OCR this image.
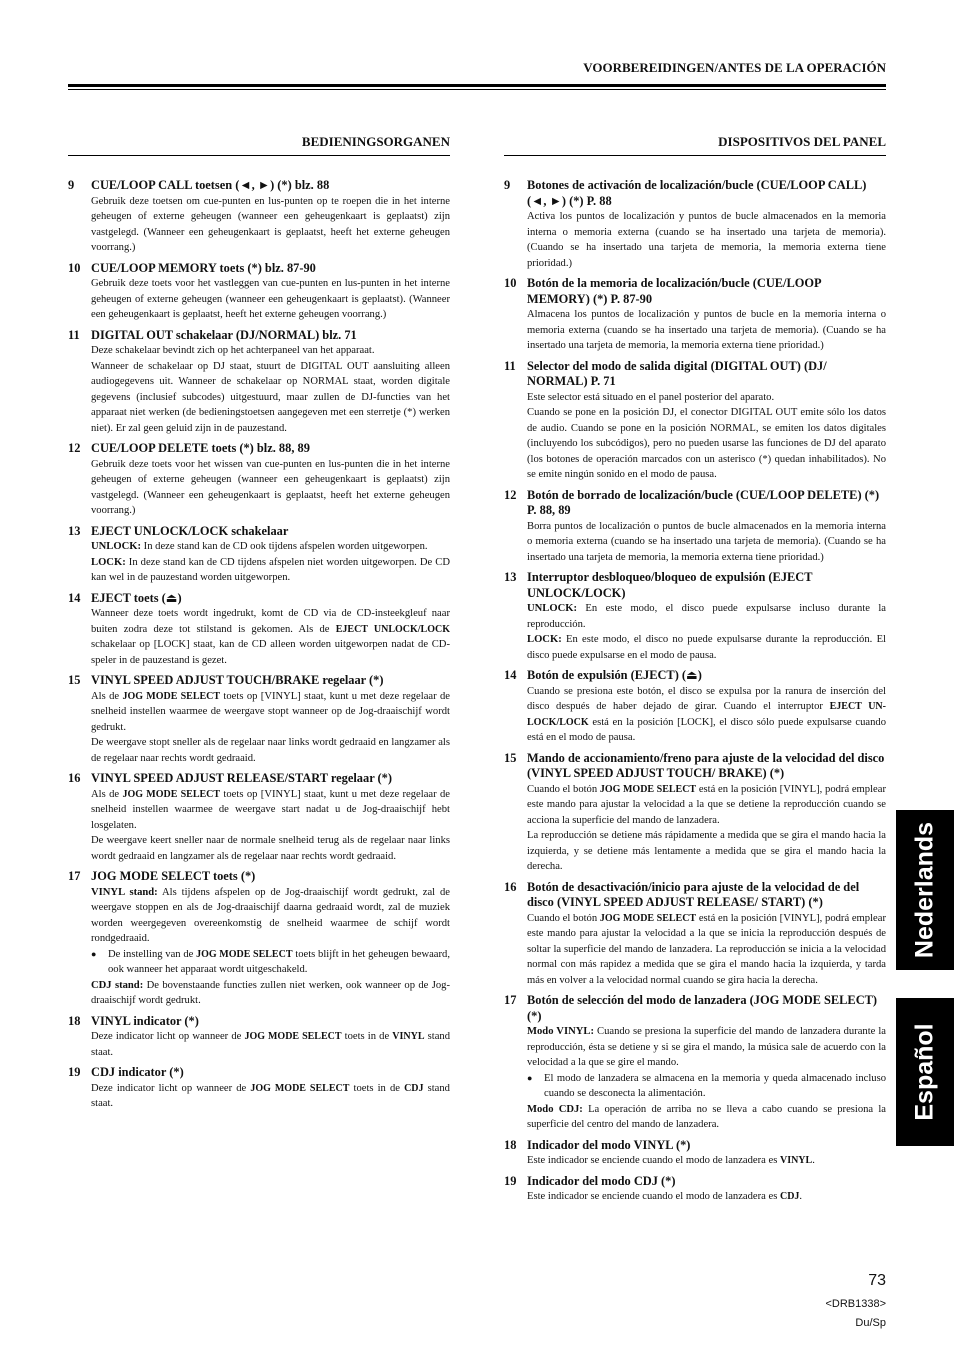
VOORBEREIDINGEN/ANTES DE LA OPERACIÓN
BEDIENINGSORGANEN
9	CUE/LOOP CALL toetsen (◄, ►) (*) blz. 88

Gebruik deze toetsen om cue-punten en lus-punten op te roepen die in het interne geheugen of externe geheugen (wanneer een geheugenkaart is geplaatst) zijn vastgelegd. (Wanneer een geheugenkaart is geplaatst, heeft het externe geheugen voorrang.)

10 CUE/LOOP MEMORY toets (*) blz. 87-90

Gebruik deze toets voor het vastleggen van cue-punten en lus-punten in het interne geheugen of externe geheugen (wanneer een geheugenkaart is geplaatst). (Wanneer een geheugenkaart is geplaatst, heeft het externe geheugen voorrang.)

11 DIGITAL OUT schakelaar (DJ/NORMAL) blz. 71

Deze schakelaar bevindt zich op het achterpaneel van het apparaat.

Wanneer de schakelaar op DJ staat, stuurt de DIGITAL OUT aansluiting alleen audiogegevens uit. Wanneer de schakelaar op NORMAL staat, worden digitale gegevens (inclusief subcodes) uitgestuurd, maar zullen de DJ-functies van het apparaat niet werken (de bedieningstoetsen aangegeven met een sterretje (*) werken niet). Er zal geen geluid zijn in de pauzestand.

12 CUE/LOOP DELETE toets (*) blz. 88, 89

Gebruik deze toets voor het wissen van cue-punten en lus-punten die in het interne geheugen of externe geheugen (wanneer een geheugenkaart is geplaatst) zijn vastgelegd. (Wanneer een geheugenkaart is geplaatst, heeft het externe geheugen voorrang.)

13 EJECT UNLOCK/LOCK schakelaar

UNLOCK: In deze stand kan de CD ook tijdens afspelen worden uitgeworpen.

LOCK: In deze stand kan de CD tijdens afspelen niet worden uitgeworpen. De CD kan wel in de pauzestand worden uitgeworpen.

14 EJECT toets (⏏)

Wanneer deze toets wordt ingedrukt, komt de CD via de CD-insteekgleuf naar buiten zodra deze tot stilstand is gekomen. Als de EJECT UNLOCK/LOCK schakelaar op [LOCK] staat, kan de CD alleen worden uitgeworpen nadat de CD-speler in de pauzestand is gezet.

15 VINYL SPEED ADJUST TOUCH/BRAKE regelaar (*)

Als de JOG MODE SELECT toets op [VINYL] staat, kunt u met deze regelaar de snelheid instellen waarmee de weergave stopt wanneer op de Jog-draaischijf wordt gedrukt.

De weergave stopt sneller als de regelaar naar links wordt gedraaid en langzamer als de regelaar naar rechts wordt gedraaid.

16 VINYL SPEED ADJUST RELEASE/START regelaar (*)

Als de JOG MODE SELECT toets op [VINYL] staat, kunt u met deze regelaar de snelheid instellen waarmee de weergave start nadat u de Jog-draaischijf hebt losgelaten.

De weergave keert sneller naar de normale snelheid terug als de regelaar naar links wordt gedraaid en langzamer als de regelaar naar rechts wordt gedraaid.

17 JOG MODE SELECT toets (*)

VINYL stand: Als tijdens afspelen op de Jog-draaischijf wordt gedrukt, zal de weergave stoppen en als de Jog-draaischijf daarna gedraaid wordt, zal de muziek worden weergegeven overeenkomstig de snelheid waarmee de schijf wordt rondgedraaid.

●	De instelling van de JOG MODE SELECT toets blijft in het geheugen bewaard, ook wanneer het apparaat wordt uitgeschakeld.

CDJ stand: De bovenstaande functies zullen niet werken, ook wanneer op de Jog-draaischijf wordt gedrukt.

18 VINYL indicator (*)

Deze indicator licht op wanneer de JOG MODE SELECT toets in de VINYL stand staat.

19 CDJ indicator (*)

Deze indicator licht op wanneer de JOG MODE SELECT toets in de CDJ stand staat.

DISPOSITIVOS DEL PANEL
9	Botones de activación de localización/bucle (CUE/LOOP CALL) (◄, ►) (*) P. 88

Activa los puntos de localización y puntos de bucle almacenados en la memoria interna o memoria externa (cuando se ha insertado una tarjeta de memoria). (Cuando se ha insertado una tarjeta de memoria, la memoria externa tiene prioridad.)

10 Botón de la memoria de localización/bucle (CUE/LOOP MEMORY) (*) P. 87-90

Almacena los puntos de localización y puntos de bucle en la memoria interna o memoria externa (cuando se ha insertado una tarjeta de memoria). (Cuando se ha insertado una tarjeta de memoria, la memoria externa tiene prioridad.)

11 Selector del modo de salida digital (DIGITAL OUT) (DJ/ NORMAL) P. 71

Este selector está situado en el panel posterior del aparato.

Cuando se pone en la posición DJ, el conector DIGITAL OUT emite sólo los datos de audio. Cuando se pone en la posición NORMAL, se emiten los datos digitales (incluyendo los subcódigos), pero no pueden usarse las funciones de DJ del aparato (los botones de operación marcados con un asterisco (*) quedan inhabilitados). No se emite ningún sonido en el modo de pausa.

12 Botón de borrado de localización/bucle (CUE/LOOP DELETE) (*) P. 88, 89

Borra puntos de localización o puntos de bucle almacenados en la memoria interna o memoria externa (cuando se ha insertado una tarjeta de memoria). (Cuando se ha insertado una tarjeta de memoria, la memoria externa tiene prioridad.)

13 Interruptor desbloqueo/bloqueo de expulsión (EJECT UNLOCK/LOCK)

UNLOCK: En este modo, el disco puede expulsarse incluso durante la reproducción.

LOCK: En este modo, el disco no puede expulsarse durante la reproducción. El disco puede expulsarse en el modo de pausa.

14 Botón de expulsión (EJECT) (⏏)

Cuando se presiona este botón, el disco se expulsa por la ranura de inserción del disco después de haber dejado de girar. Cuando el interruptor EJECT UN-LOCK/LOCK está en la posición [LOCK], el disco sólo puede expulsarse cuando está en el modo de pausa.

15 Mando de accionamiento/freno para ajuste de la velocidad del disco (VINYL SPEED ADJUST TOUCH/ BRAKE) (*)

Cuando el botón JOG MODE SELECT está en la posición [VINYL], podrá emplear este mando para ajustar la velocidad a la que se detiene la reproducción cuando se acciona la superficie del mando de lanzadera.

La reproducción se detiene más rápidamente a medida que se gira el mando hacia la izquierda, y se detiene más lentamente a medida que se gira el mando hacia la derecha.

16 Botón de desactivación/inicio para ajuste de la velocidad de del disco (VINYL SPEED ADJUST RELEASE/ START) (*)

Cuando el botón JOG MODE SELECT está en la posición [VINYL], podrá emplear este mando para ajustar la velocidad a la que se inicia la reproducción después de soltar la superficie del mando de lanzadera. La reproducción se inicia a la velocidad normal con más rapidez a medida que se gira el mando hacia la izquierda, y tarda más en volver a la velocidad normal cuando se gira hacia la derecha.

17 Botón de selección del modo de lanzadera (JOG MODE SELECT) (*)

Modo VINYL: Cuando se presiona la superficie del mando de lanzadera durante la reproducción, ésta se detiene y si se gira el mando, la música sale de acuerdo con la velocidad a la que se gire el mando.

●	El modo de lanzadera se almacena en la memoria y queda almacenado incluso cuando se desconecta la alimentación.

Modo CDJ: La operación de arriba no se lleva a cabo cuando se presiona la superficie del centro del mando de lanzadera.

18 Indicador del modo VINYL (*)

Este indicador se enciende cuando el modo de lanzadera es VINYL.

19 Indicador del modo CDJ (*)

Este indicador se enciende cuando el modo de lanzadera es CDJ.

Nederlands
Español
73
<DRB1338>
Du/Sp
